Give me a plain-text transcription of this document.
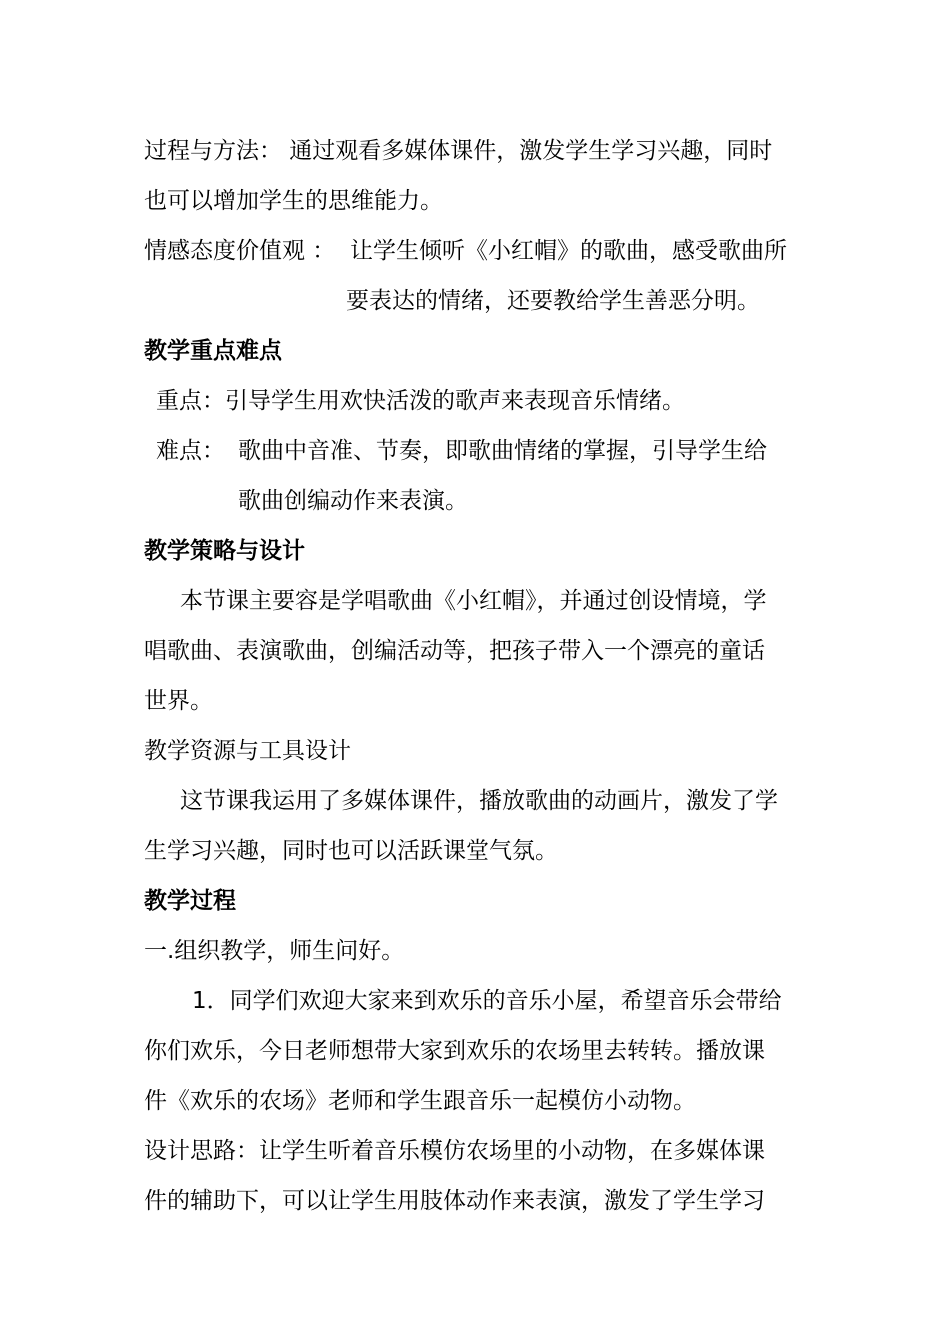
过程与方法： 通过观看多媒体课件，激发学生学习兴趣，同时
也可以增加学生的思维能力。
情感态度价值观 ： 让学生倾听《小红帽》的歌曲，感受歌曲所
要表达的情绪，还要教给学生善恶分明。
教学重点难点
重点：引导学生用欢快活泼的歌声来表现音乐情绪。
难点： 歌曲中音准、节奏，即歌曲情绪的掌握，引导学生给
歌曲创编动作来表演。
教学策略与设计
本节课主要容是学唱歌曲《小红帽》，并通过创设情境，学
唱歌曲、表演歌曲，创编活动等，把孩子带入一个漂亮的童话
世界。
教学资源与工具设计
这节课我运用了多媒体课件，播放歌曲的动画片，激发了学
生学习兴趣，同时也可以活跃课堂气氛。
教学过程
一.组织教学，师生问好。
1．同学们欢迎大家来到欢乐的音乐小屋，希望音乐会带给
你们欢乐，今日老师想带大家到欢乐的农场里去转转。播放课
件《欢乐的农场》老师和学生跟音乐一起模仿小动物。
设计思路：让学生听着音乐模仿农场里的小动物，在多媒体课
件的辅助下，可以让学生用肢体动作来表演，激发了学生学习
